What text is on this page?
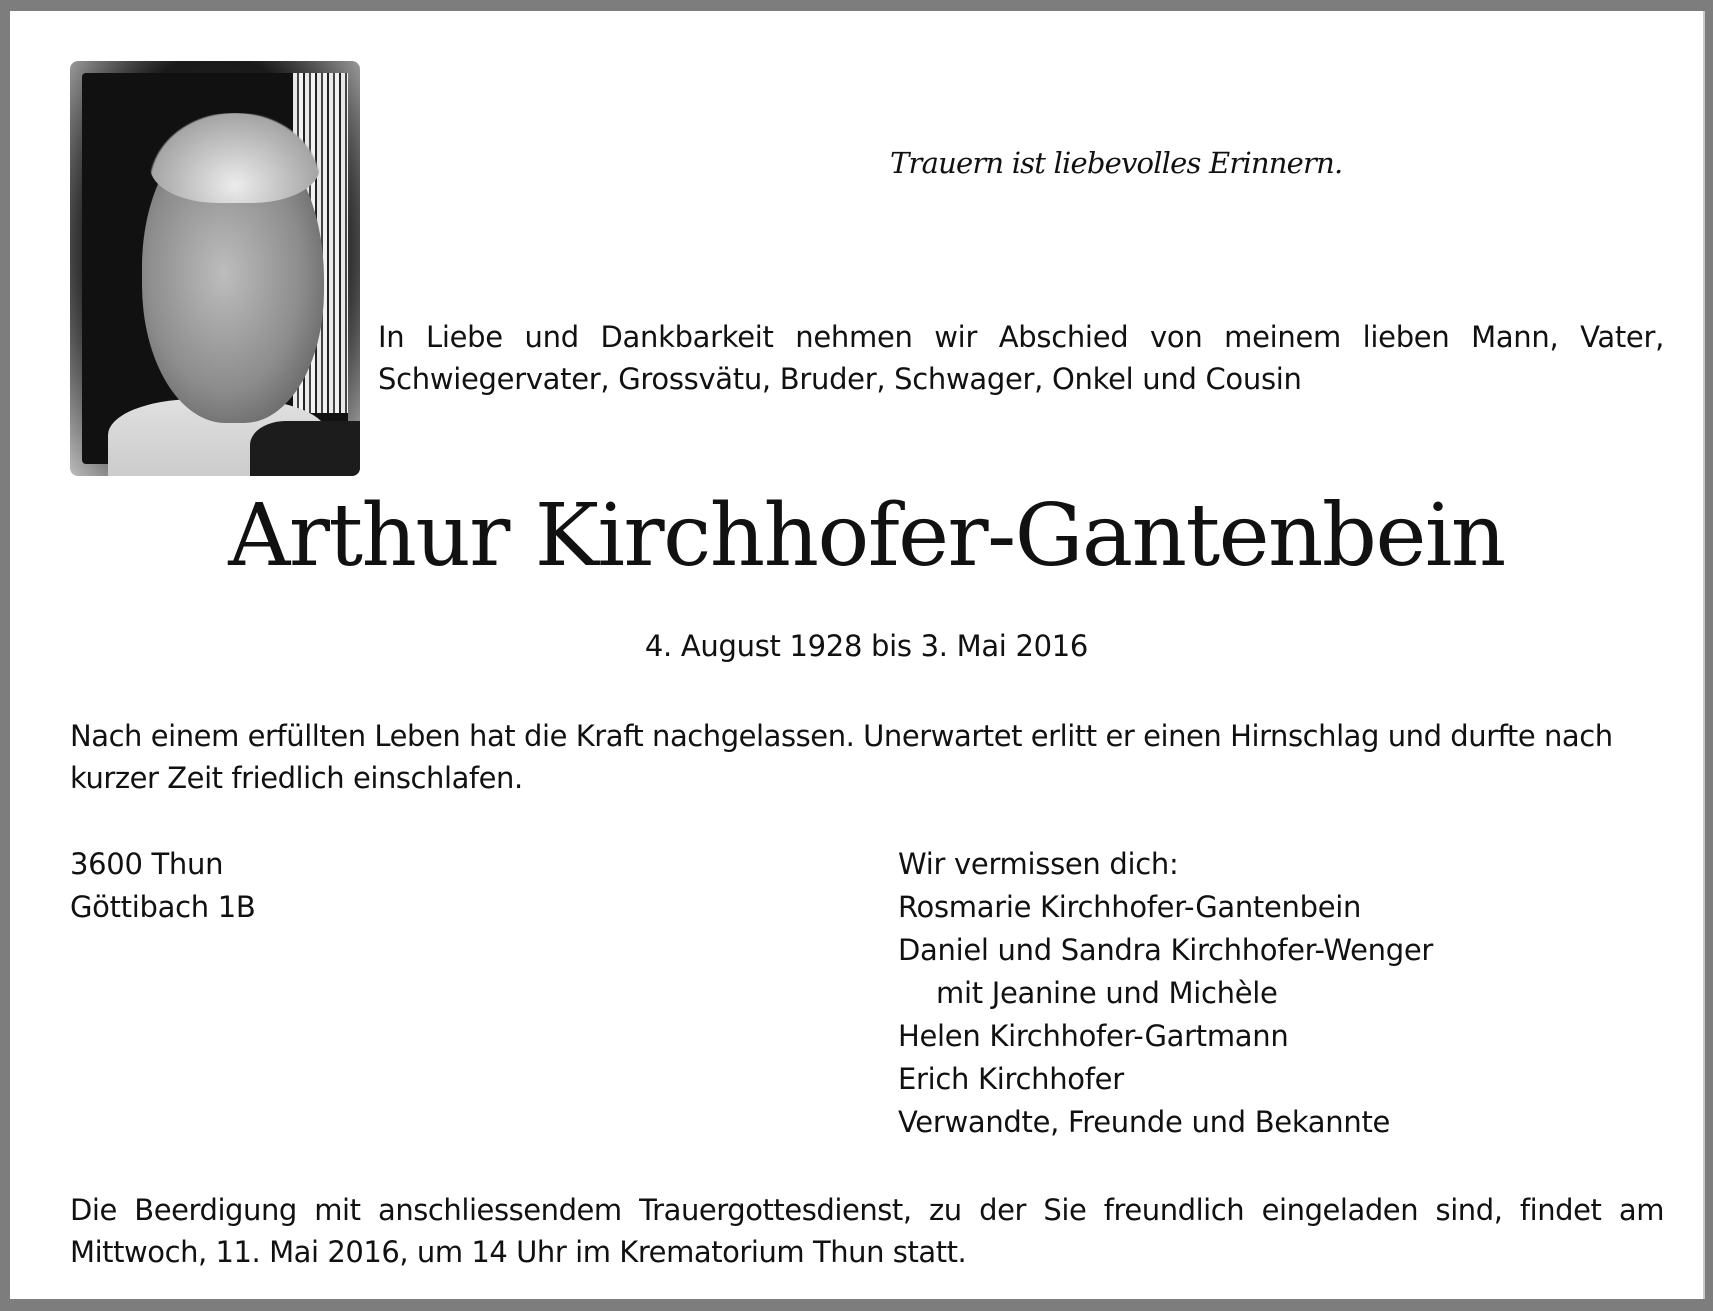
Trauern ist liebevolles Erinnern.

In Liebe und Dankbarkeit nehmen wir Abschied von meinem lieben Mann, Vater, Schwiegervater, Grossvätu, Bruder, Schwager, Onkel und Cousin

Arthur Kirchhofer-Gantenbein

4. August 1928 bis 3. Mai 2016

Nach einem erfüllten Leben hat die Kraft nachgelassen. Unerwartet erlitt er einen Hirnschlag und durfte nach kurzer Zeit friedlich einschlafen.

3600 Thun
Göttibach 1B
Wir vermissen dich:
Rosmarie Kirchhofer-Gantenbein
Daniel und Sandra Kirchhofer-Wenger
mit Jeanine und Michèle
Helen Kirchhofer-Gartmann
Erich Kirchhofer
Verwandte, Freunde und Bekannte

Die Beerdigung mit anschliessendem Trauergottesdienst, zu der Sie freundlich eingeladen sind, findet am Mittwoch, 11. Mai 2016, um 14 Uhr im Krematorium Thun statt.
